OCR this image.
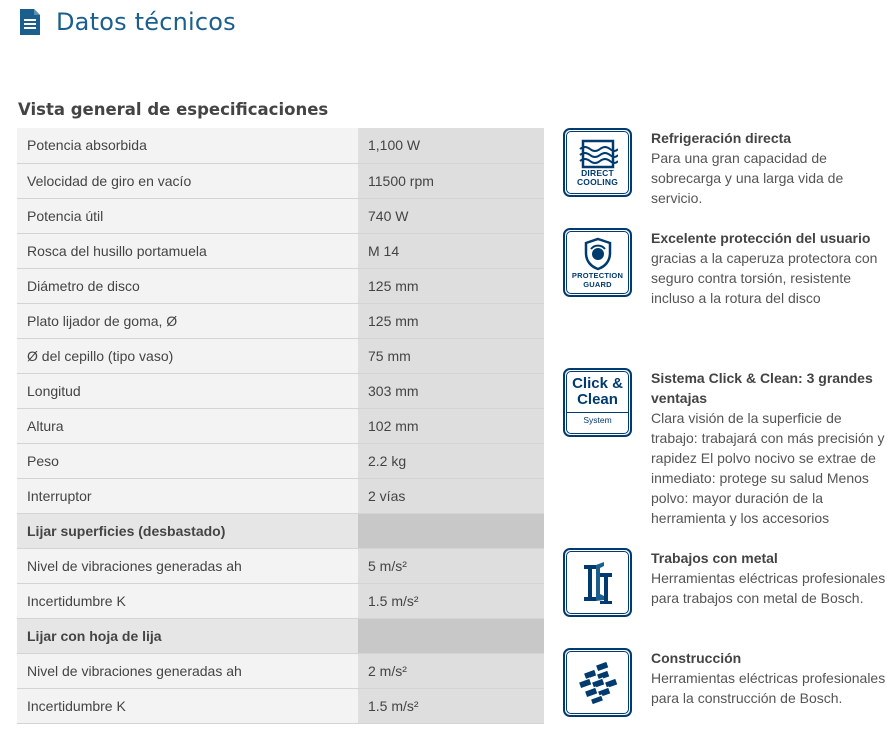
Datos técnicos
Vista general de especificaciones
Potencia absorbida	1,100 W
Velocidad de giro en vacío	11500 rpm
Potencia útil	740 W
Rosca del husillo portamuela	M 14
Diámetro de disco	125 mm
Plato lijador de goma, Ø	125 mm
Ø del cepillo (tipo vaso)	75 mm
Longitud	303 mm
Altura	102 mm
Peso	2.2 kg
Interruptor	2 vías
Lijar superficies (desbastado)	
Nivel de vibraciones generadas ah	5 m/s²
Incertidumbre K	1.5 m/s²
Lijar con hoja de lija	
Nivel de vibraciones generadas ah	2 m/s²
Incertidumbre K	1.5 m/s²
DIRECT
COOLING
Refrigeración directa
Para una gran capacidad de sobrecarga y una larga vida de servicio.
PROTECTION
GUARD
Excelente protección del usuario
gracias a la caperuza protectora con seguro contra torsión, resistente incluso a la rotura del disco
Click &
Clean
System
Sistema Click & Clean: 3 grandes ventajas
Clara visión de la superficie de trabajo: trabajará con más precisión y rapidez El polvo nocivo se extrae de inmediato: protege su salud Menos polvo: mayor duración de la herramienta y los accesorios
Trabajos con metal
Herramientas eléctricas profesionales para trabajos con metal de Bosch.
Construcción
Herramientas eléctricas profesionales para la construcción de Bosch.
